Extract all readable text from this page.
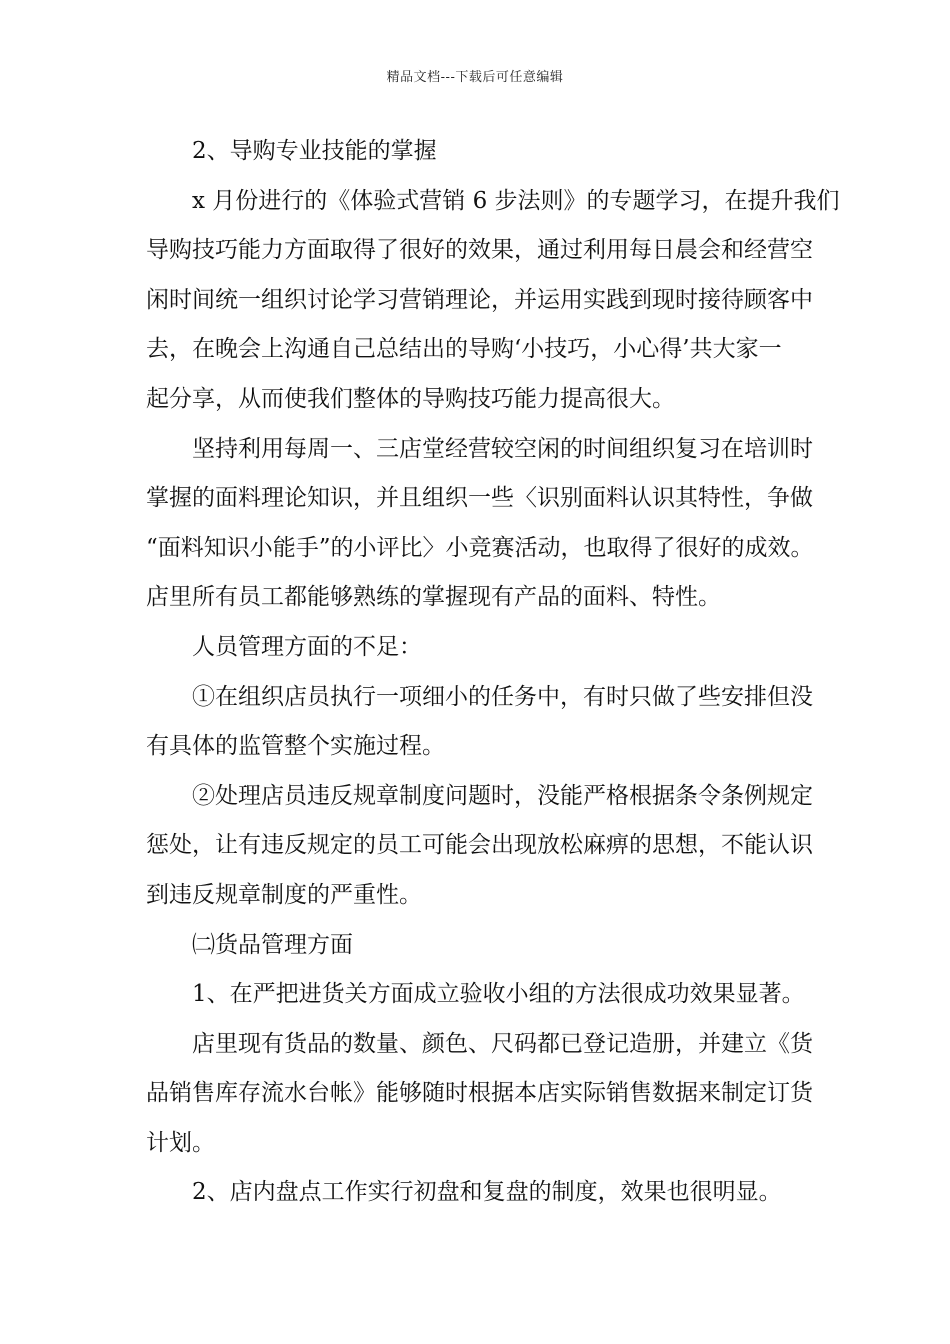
精品文档---下载后可任意编辑
2、导购专业技能的掌握
x 月份进行的《体验式营销 6 步法则》的专题学习，在提升我们
导购技巧能力方面取得了很好的效果，通过利用每日晨会和经营空
闲时间统一组织讨论学习营销理论，并运用实践到现时接待顾客中
去，在晚会上沟通自己总结出的导购‘小技巧，小心得’共大家一
起分享，从而使我们整体的导购技巧能力提高很大。
坚持利用每周一、三店堂经营较空闲的时间组织复习在培训时
掌握的面料理论知识，并且组织一些〈识别面料认识其特性，争做
“面料知识小能手”的小评比〉小竞赛活动，也取得了很好的成效。
店里所有员工都能够熟练的掌握现有产品的面料、特性。
人员管理方面的不足：
①在组织店员执行一项细小的任务中，有时只做了些安排但没
有具体的监管整个实施过程。
②处理店员违反规章制度问题时，没能严格根据条令条例规定
惩处，让有违反规定的员工可能会出现放松麻痹的思想，不能认识
到违反规章制度的严重性。
㈡货品管理方面
1、在严把进货关方面成立验收小组的方法很成功效果显著。
店里现有货品的数量、颜色、尺码都已登记造册，并建立《货
品销售库存流水台帐》能够随时根据本店实际销售数据来制定订货
计划。
2、店内盘点工作实行初盘和复盘的制度，效果也很明显。
